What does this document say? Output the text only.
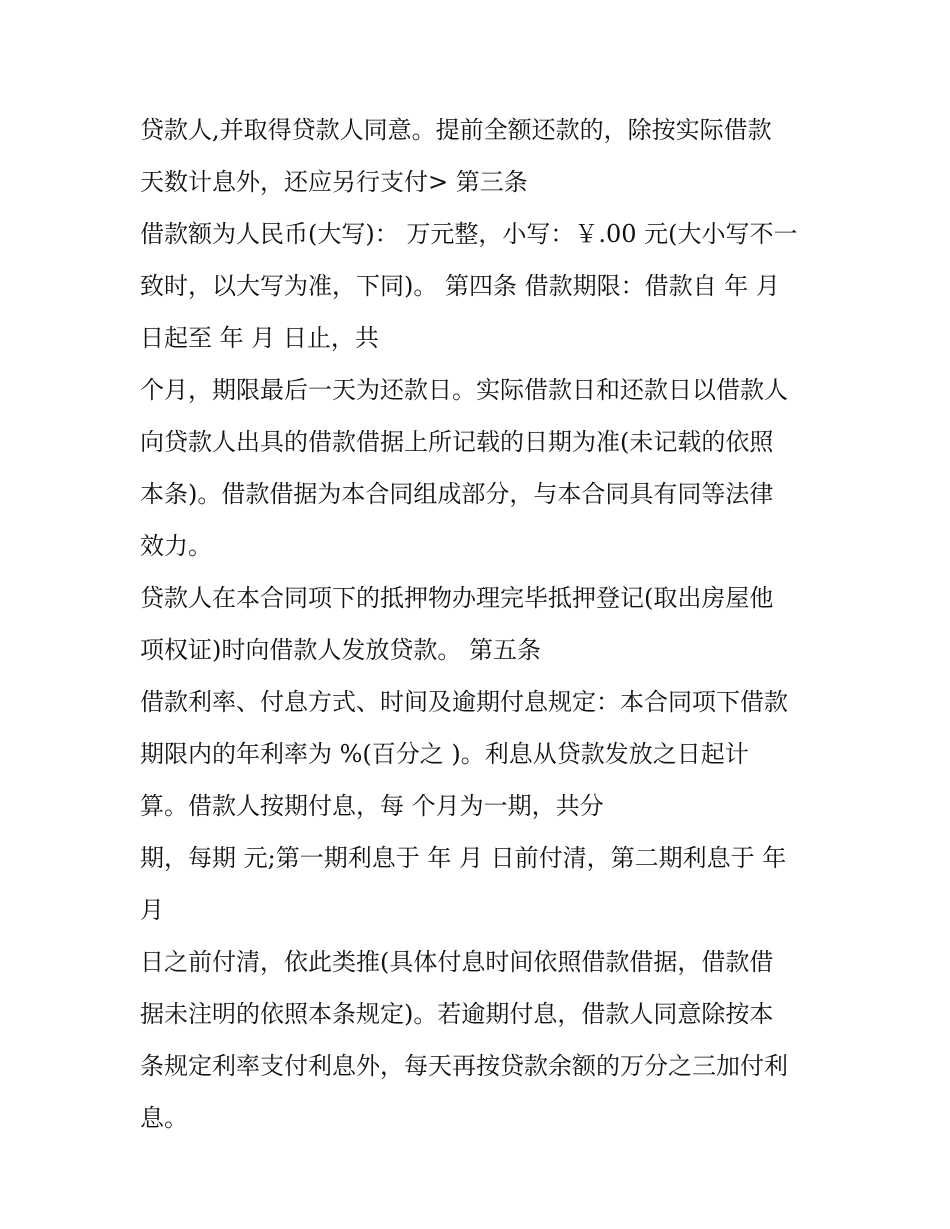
贷款人,并取得贷款人同意。提前全额还款的，除按实际借款
天数计息外，还应另行支付> 第三条
借款额为人民币(大写)： 万元整，小写：￥.00 元(大小写不一
致时，以大写为准，下同)。 第四条 借款期限：借款自 年 月
日起至 年 月 日止，共
个月，期限最后一天为还款日。实际借款日和还款日以借款人
向贷款人出具的借款借据上所记载的日期为准(未记载的依照
本条)。借款借据为本合同组成部分，与本合同具有同等法律
效力。
贷款人在本合同项下的抵押物办理完毕抵押登记(取出房屋他
项权证)时向借款人发放贷款。 第五条
借款利率、付息方式、时间及逾期付息规定：本合同项下借款
期限内的年利率为 %(百分之 )。利息从贷款发放之日起计
算。借款人按期付息，每 个月为一期，共分
期，每期 元;第一期利息于 年 月 日前付清，第二期利息于 年
月
日之前付清，依此类推(具体付息时间依照借款借据，借款借
据未注明的依照本条规定)。若逾期付息，借款人同意除按本
条规定利率支付利息外，每天再按贷款余额的万分之三加付利
息。
